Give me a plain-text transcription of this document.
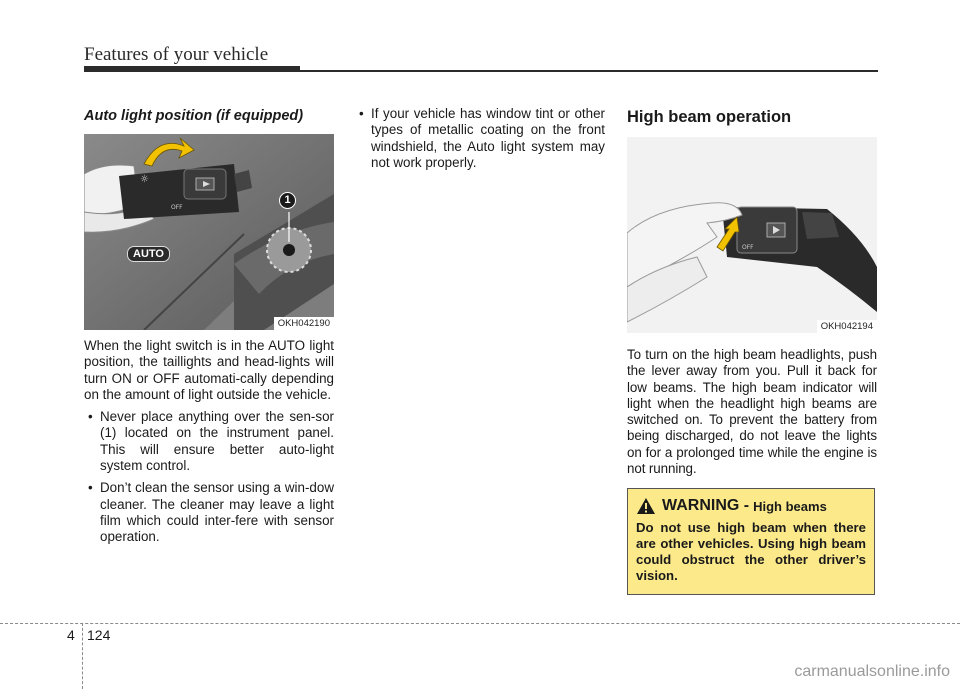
Features of your vehicle
Auto light position (if equipped)
☼
OFF
AUTO
1
OKH042190

When the light switch is in the AUTO light position, the taillights and head-lights will turn ON or OFF automati-cally depending on the amount of light outside the vehicle.

• Never place anything over the sen-sor (1) located on the instrument panel. This will ensure better auto-light system control.
• Don’t clean the sensor using a win-dow cleaner. The cleaner may leave a light film which could inter-fere with sensor operation.
• If your vehicle has window tint or other types of metallic coating on the front windshield, the Auto light system may not work properly.
High beam operation
OFF
OKH042194

To turn on the high beam headlights, push the lever away from you. Pull it back for low beams. The high beam indicator will light when the headlight high beams are switched on. To prevent the battery from being discharged, do not leave the lights on for a prolonged time while the engine is not running.

WARNING - High beams
Do not use high beam when there are other vehicles. Using high beam could obstruct the other driver’s vision.
4 124
carmanualsonline.info
